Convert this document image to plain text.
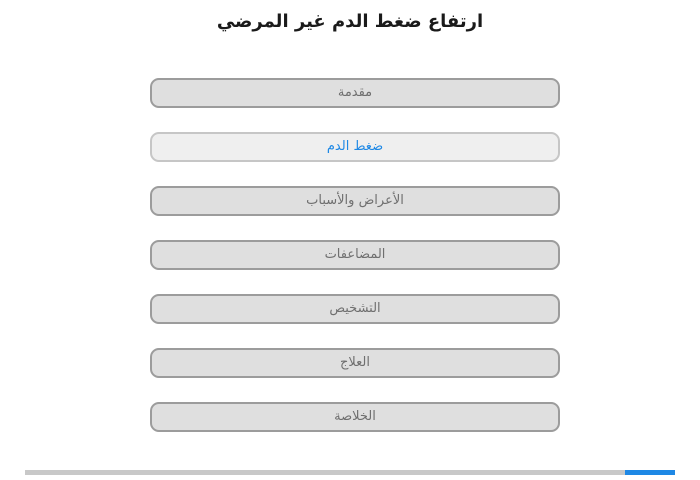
ارتفاع ضغط الدم غير المرضي
مقدمة
ضغط الدم
الأعراض والأسباب
المضاعفات
التشخيص
العلاج
الخلاصة
